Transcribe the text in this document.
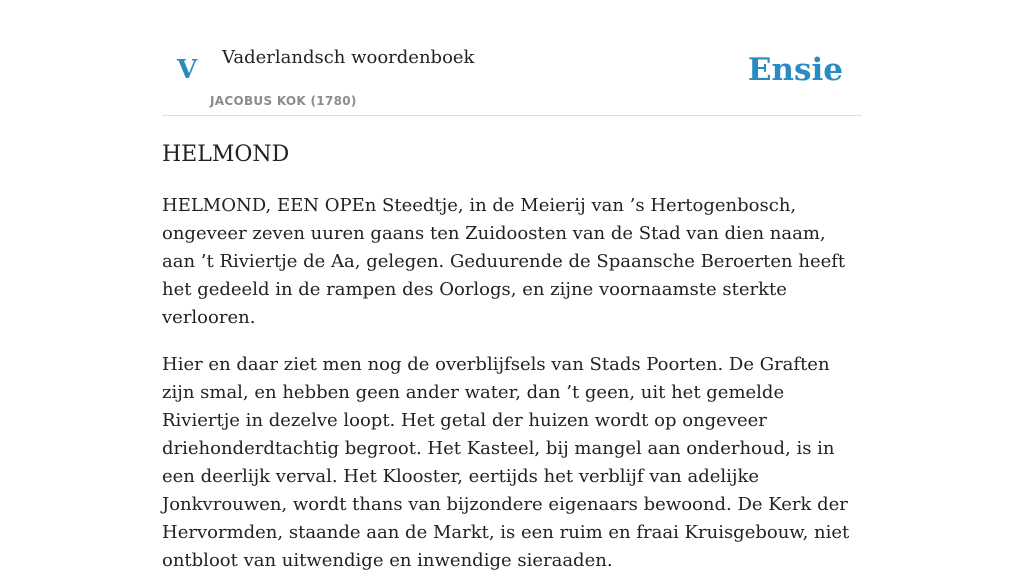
V Vaderlandsch woordenboek
JACOBUS KOK (1780)
Ensie
HELMOND

HELMOND, EEN OPEn Steedtje, in de Meierij van ’s Hertogenbosch, ongeveer zeven uuren gaans ten Zuidoosten van de Stad van dien naam, aan ’t Riviertje de Aa, gelegen. Geduurende de Spaansche Beroerten heeft het gedeeld in de rampen des Oorlogs, en zijne voornaamste sterkte verlooren.

Hier en daar ziet men nog de overblijfsels van Stads Poorten. De Graften zijn smal, en hebben geen ander water, dan ’t geen, uit het gemelde Riviertje in dezelve loopt. Het getal der huizen wordt op ongeveer driehonderdtachtig begroot. Het Kasteel, bij mangel aan onderhoud, is in een deerlijk verval. Het Klooster, eertijds het verblijf van adelijke Jonkvrouwen, wordt thans van bijzondere eigenaars bewoond. De Kerk der Hervormden, staande aan de Markt, is een ruim en fraai Kruisgebouw, niet ontbloot van uitwendige en inwendige sieraaden.
